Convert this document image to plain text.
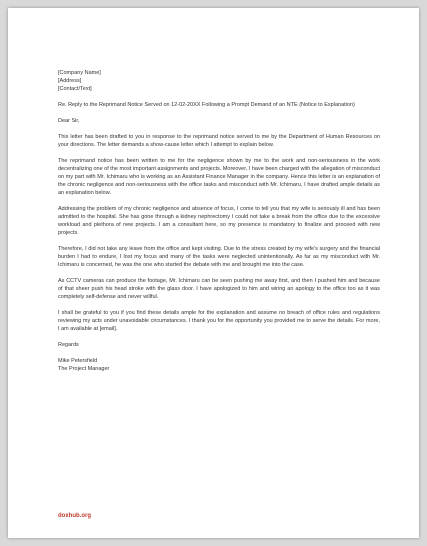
[Company Name]
[Address]
[Contact/Text]

Re. Reply to the Reprimand Notice Served on 12-02-20XX Following a Prompt Demand of an NTE (Notice to Explanation)

Dear Sir,

This letter has been drafted to you in response to the reprimand notice served to me by the Department of Human Resources on your directions. The letter demands a show-cause letter which I attempt to explain below.

The reprimand notice has been written to me for the negligence shown by me to the work and non-seriousness in the work decentralizing one of the most important assignments and projects. Moreover, I have been charged with the allegation of misconduct on my part with Mr. Ichimaru who is working as an Assistant Finance Manager in the company. Hence this letter is an explanation of the chronic negligence and non-seriousness with the office tasks and misconduct with Mr. Ichimaru, I have drafted ample details as an explanation below.

Addressing the problem of my chronic negligence and absence of focus, I come to tell you that my wife is seriously ill and has been admitted to the hospital. She has gone through a kidney nephrectomy I could not take a break from the office due to the excessive workload and plethora of new projects. I am a consultant here, so my presence is mandatory to finalize and proceed with new projects.

Therefore, I did not take any leave from the office and kept visiting. Due to the stress created by my wife's surgery and the financial burden I had to endure, I lost my focus and many of the tasks were neglected unintentionally. As far as my misconduct with Mr. Ichimaru is concerned, he was the one who started the debate with me and brought me into the case.

As CCTV cameras can produce the footage, Mr. Ichimaru can be seen pushing me away first, and then I pushed him and because of that sheer push his head stroke with the glass door. I have apologized to him and wiring an apology to the office too as it was completely self-defense and never willful.

I shall be grateful to you if you find these details ample for the explanation and assume no breach of office rules and regulations reviewing my acts under unavoidable circumstances. I thank you for the opportunity you provided me to serve the details. For more, I am available at [email].

Regards

Mike Petersfield
The Project Manager

doxhub.org
